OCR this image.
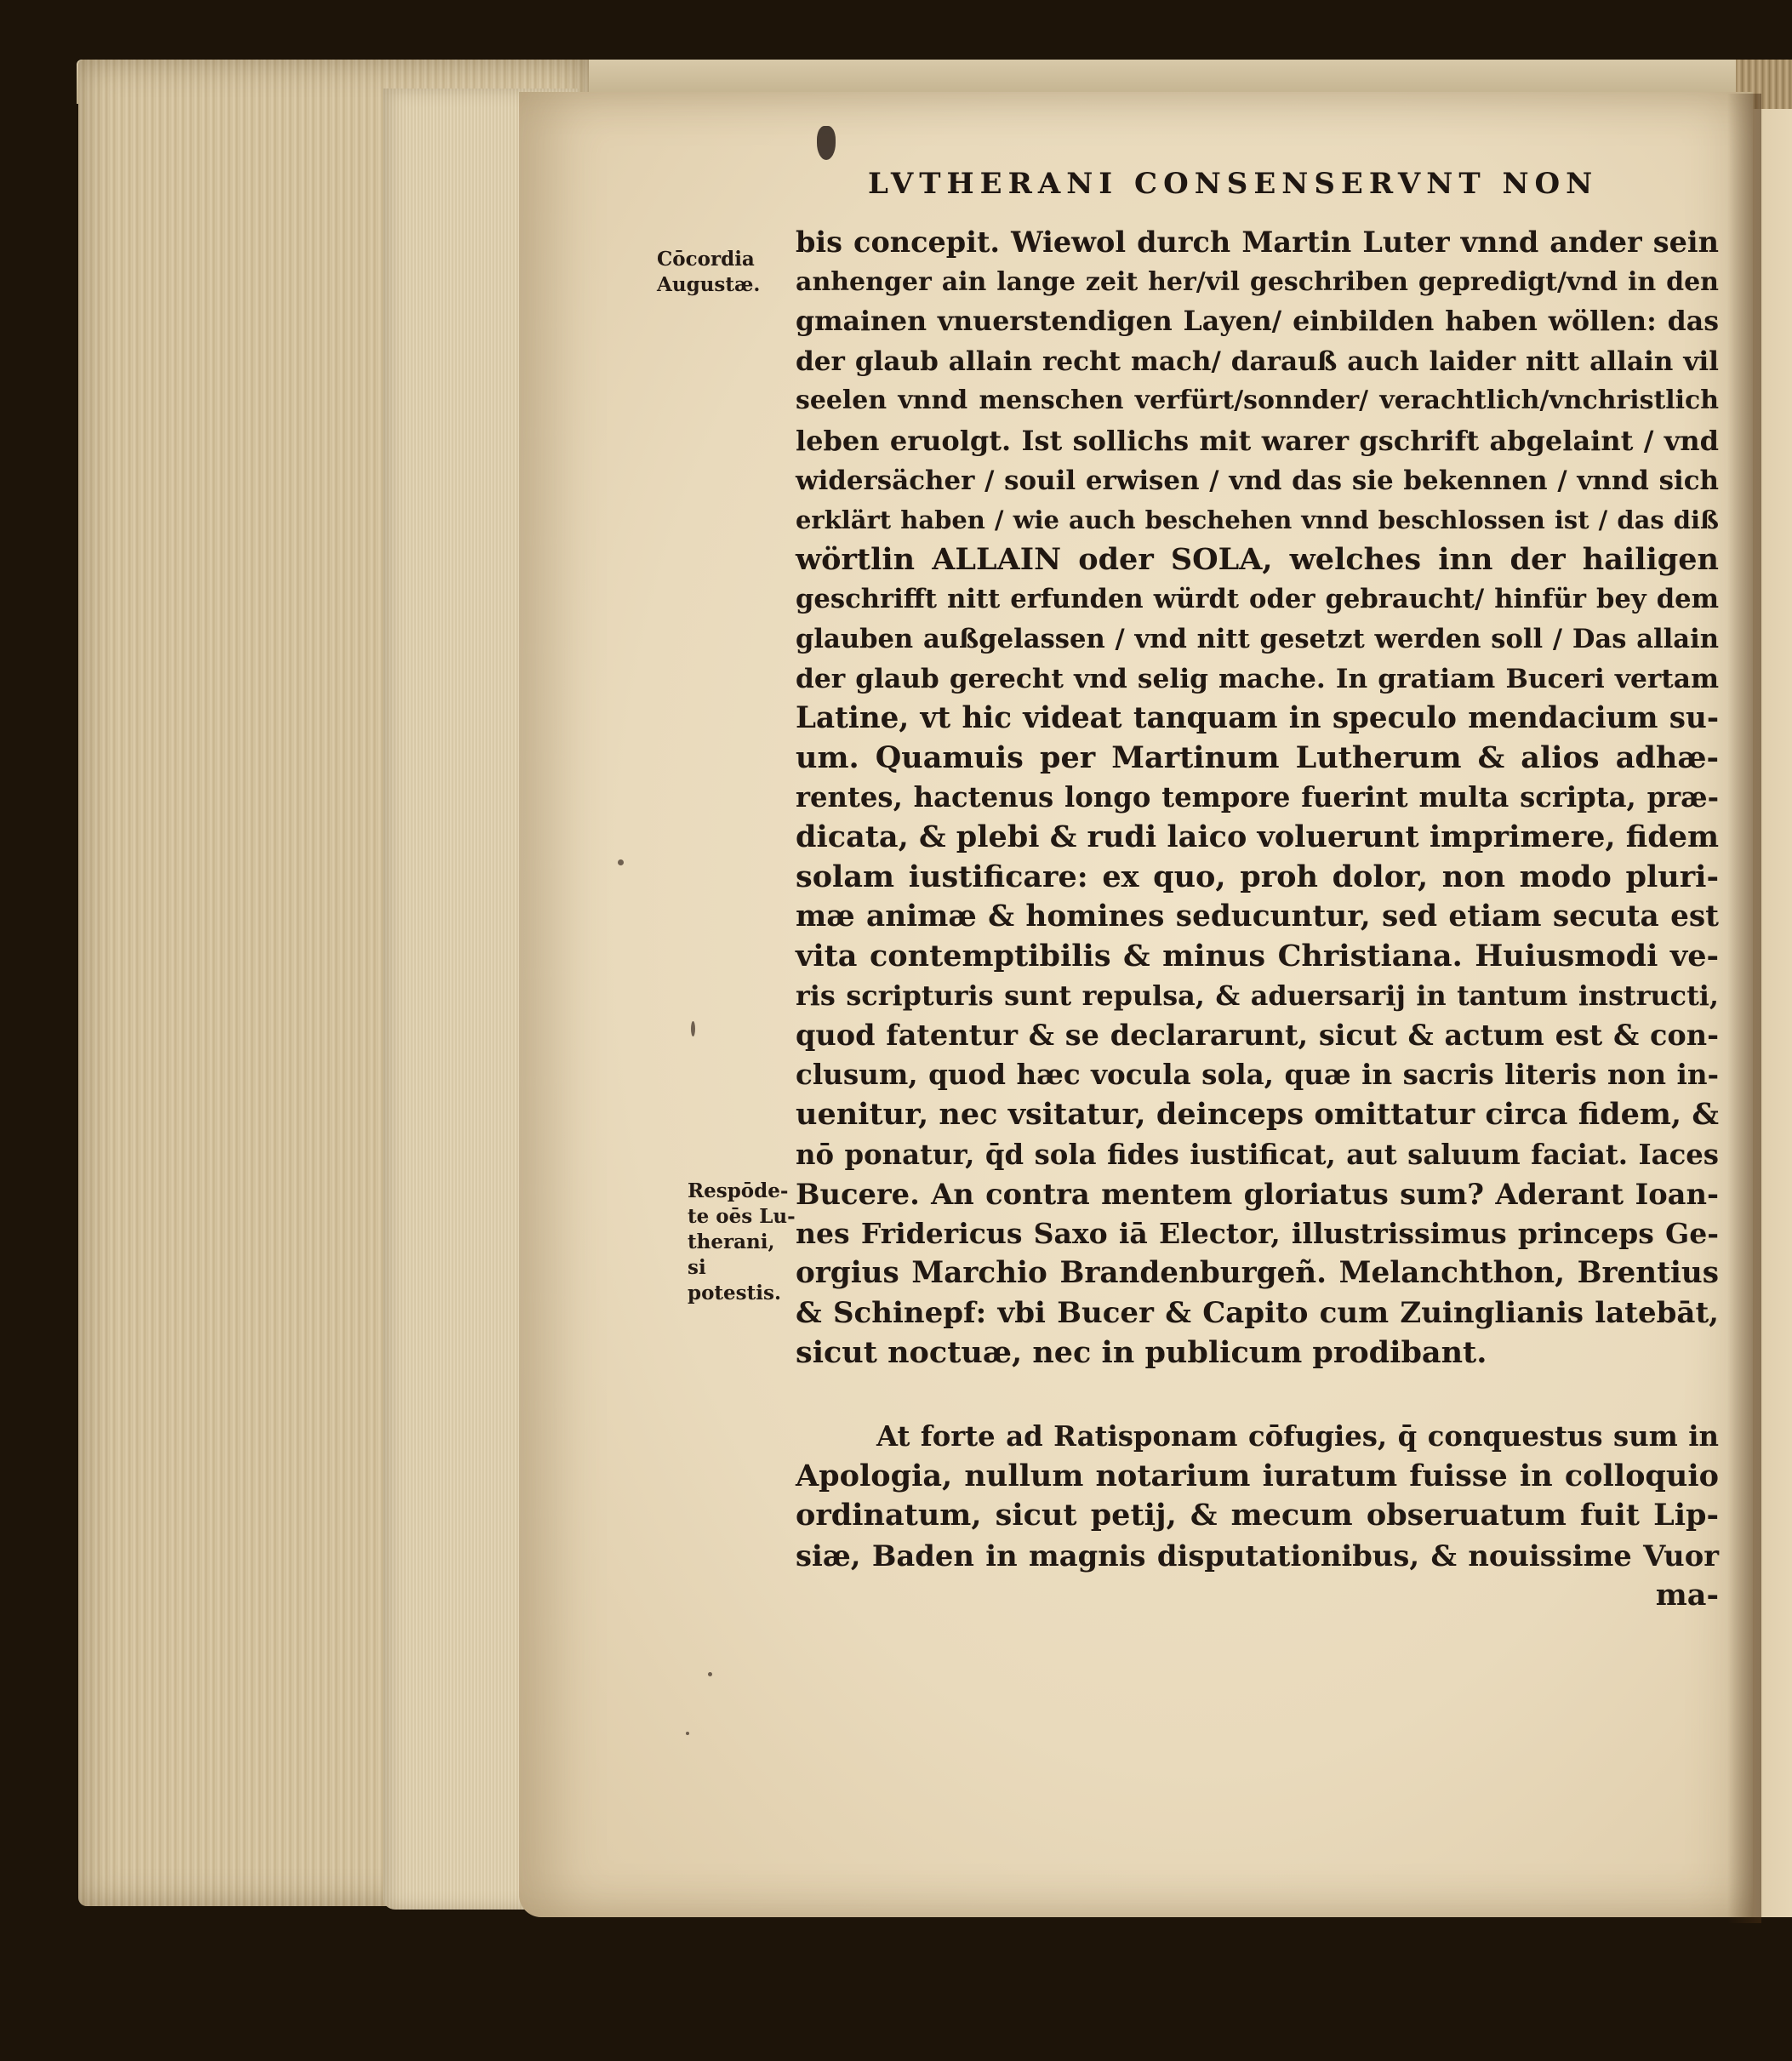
LVTHERANI CONSENSERVNT NON
Cōcordia
Augustæ.
Respōde-
te oēs Lu-
therani, si
potestis.
bis concepit. Wiewol durch Martin Luter vnnd ander sein
anhenger ain lange zeit her/vil geschriben gepredigt/vnd in den
gmainen vnuerstendigen Layen/ einbilden haben wöllen: das
der glaub allain recht mach/ darauß auch laider nitt allain vil
seelen vnnd menschen verfürt/sonnder/ verachtlich/vnchristlich
leben eruolgt. Ist sollichs mit warer gschrift abgelaint / vnd
widersächer / souil erwisen / vnd das sie bekennen / vnnd sich
erklärt haben / wie auch beschehen vnnd beschlossen ist / das diß
wörtlin ALLAIN oder SOLA, welches inn der hailigen
geschrifft nitt erfunden würdt oder gebraucht/ hinfür bey dem
glauben außgelassen / vnd nitt gesetzt werden soll / Das allain
der glaub gerecht vnd selig mache. In gratiam Buceri vertam
Latine, vt hic videat tanquam in speculo mendacium su-
um. Quamuis per Martinum Lutherum & alios adhæ-
rentes, hactenus longo tempore fuerint multa scripta, præ-
dicata, & plebi & rudi laico voluerunt imprimere, fidem
solam iustificare: ex quo, proh dolor, non modo pluri-
mæ animæ & homines seducuntur, sed etiam secuta est
vita contemptibilis & minus Christiana. Huiusmodi ve-
ris scripturis sunt repulsa, & aduersarij in tantum instructi,
quod fatentur & se declararunt, sicut & actum est & con-
clusum, quod hæc vocula sola, quæ in sacris literis non in-
uenitur, nec vsitatur, deinceps omittatur circa fidem, &
nō ponatur, q̄d sola fides iustificat, aut saluum faciat. Iaces
Bucere. An contra mentem gloriatus sum? Aderant Ioan-
nes Fridericus Saxo iā Elector, illustrissimus princeps Ge-
orgius Marchio Brandenburgeñ. Melanchthon, Brentius
& Schinepf: vbi Bucer & Capito cum Zuinglianis latebāt,
sicut noctuæ, nec in publicum prodibant.
At forte ad Ratisponam cōfugies, q̄ conquestus sum in
Apologia, nullum notarium iuratum fuisse in colloquio
ordinatum, sicut petij, & mecum obseruatum fuit Lip-
siæ, Baden in magnis disputationibus, & nouissime Vuor
ma-
